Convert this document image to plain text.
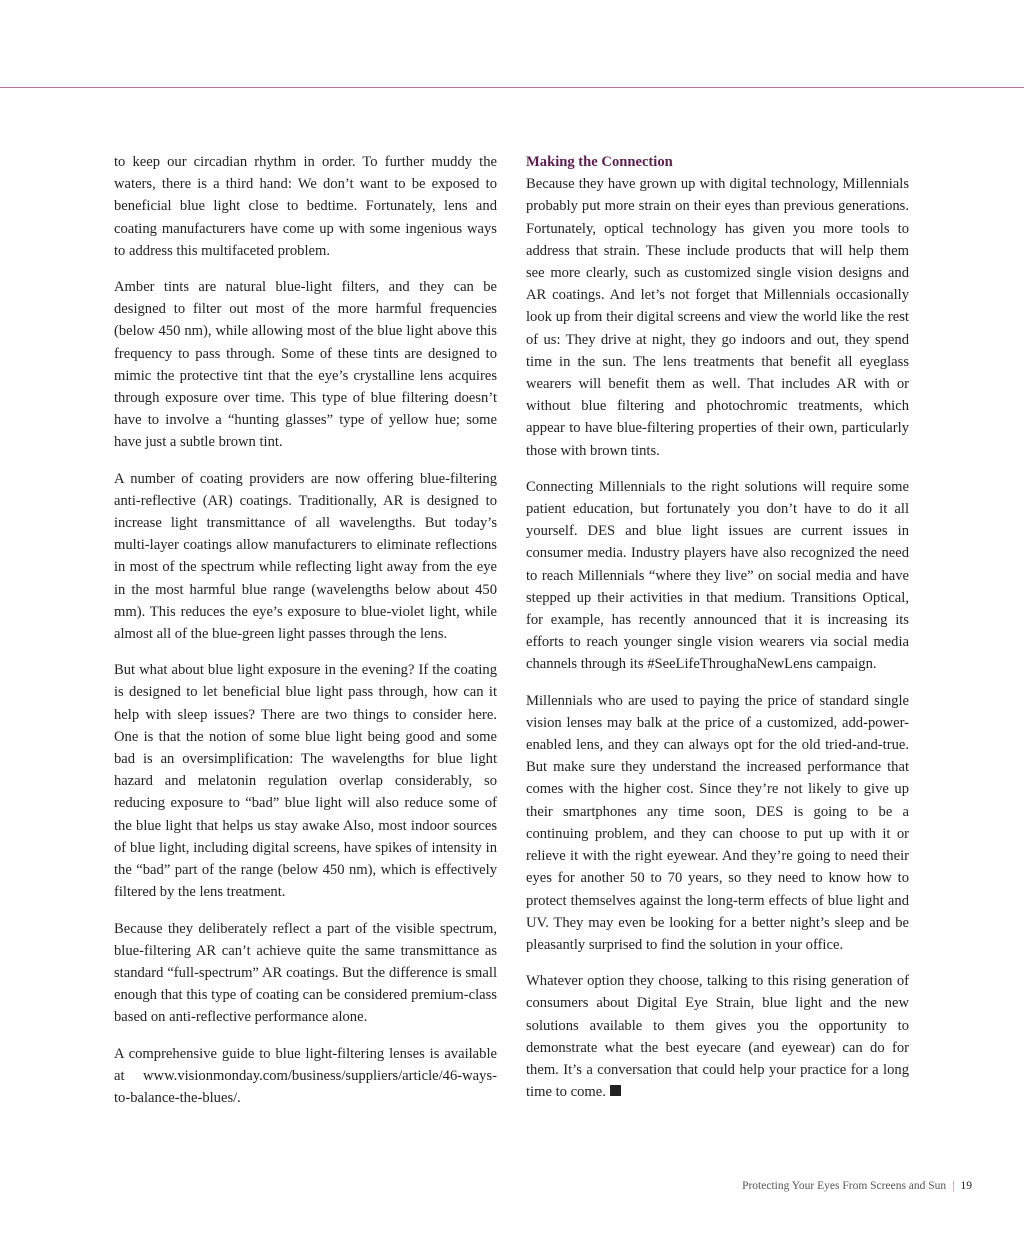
to keep our circadian rhythm in order. To further muddy the waters, there is a third hand: We don’t want to be exposed to beneficial blue light close to bedtime. Fortunately, lens and coating manufacturers have come up with some ingenious ways to address this multifaceted problem.

Amber tints are natural blue-light filters, and they can be designed to filter out most of the more harmful frequencies (below 450 nm), while allowing most of the blue light above this frequency to pass through. Some of these tints are designed to mimic the protective tint that the eye’s crystalline lens acquires through exposure over time. This type of blue filtering doesn’t have to involve a “hunting glasses” type of yellow hue; some have just a subtle brown tint.

A number of coating providers are now offering blue-filtering anti-reflective (AR) coatings. Traditionally, AR is designed to increase light transmittance of all wavelengths. But today’s multi-layer coatings allow manufacturers to eliminate reflections in most of the spectrum while reflecting light away from the eye in the most harmful blue range (wavelengths below about 450 mm). This reduces the eye’s exposure to blue-violet light, while almost all of the blue-green light passes through the lens.

But what about blue light exposure in the evening? If the coating is designed to let beneficial blue light pass through, how can it help with sleep issues? There are two things to consider here. One is that the notion of some blue light being good and some bad is an oversimplification: The wavelengths for blue light hazard and melatonin regulation overlap considerably, so reducing exposure to “bad” blue light will also reduce some of the blue light that helps us stay awake Also, most indoor sources of blue light, including digital screens, have spikes of intensity in the “bad” part of the range (below 450 nm), which is effectively filtered by the lens treatment.

Because they deliberately reflect a part of the visible spectrum, blue-filtering AR can’t achieve quite the same transmittance as standard “full-spectrum” AR coatings. But the difference is small enough that this type of coating can be considered premium-class based on anti-reflective performance alone.

A comprehensive guide to blue light-filtering lenses is available at www.visionmonday.com/business/suppliers/article/46-ways-to-balance-the-blues/.

Making the Connection

Because they have grown up with digital technology, Millennials probably put more strain on their eyes than previous generations. Fortunately, optical technology has given you more tools to address that strain. These include products that will help them see more clearly, such as customized single vision designs and AR coatings. And let’s not forget that Millennials occasionally look up from their digital screens and view the world like the rest of us: They drive at night, they go indoors and out, they spend time in the sun. The lens treatments that benefit all eyeglass wearers will benefit them as well. That includes AR with or without blue filtering and photochromic treatments, which appear to have blue-filtering properties of their own, particularly those with brown tints.

Connecting Millennials to the right solutions will require some patient education, but fortunately you don’t have to do it all yourself. DES and blue light issues are current issues in consumer media. Industry players have also recognized the need to reach Millennials “where they live” on social media and have stepped up their activities in that medium. Transitions Optical, for example, has recently announced that it is increasing its efforts to reach younger single vision wearers via social media channels through its #SeeLifeThroughaNewLens campaign.

Millennials who are used to paying the price of standard single vision lenses may balk at the price of a customized, add-power-enabled lens, and they can always opt for the old tried-and-true. But make sure they understand the increased performance that comes with the higher cost. Since they’re not likely to give up their smartphones any time soon, DES is going to be a continuing problem, and they can choose to put up with it or relieve it with the right eyewear. And they’re going to need their eyes for another 50 to 70 years, so they need to know how to protect themselves against the long-term effects of blue light and UV. They may even be looking for a better night’s sleep and be pleasantly surprised to find the solution in your office.

Whatever option they choose, talking to this rising generation of consumers about Digital Eye Strain, blue light and the new solutions available to them gives you the opportunity to demonstrate what the best eyecare (and eyewear) can do for them. It’s a conversation that could help your practice for a long time to come.

Protecting Your Eyes From Screens and Sun | 19
